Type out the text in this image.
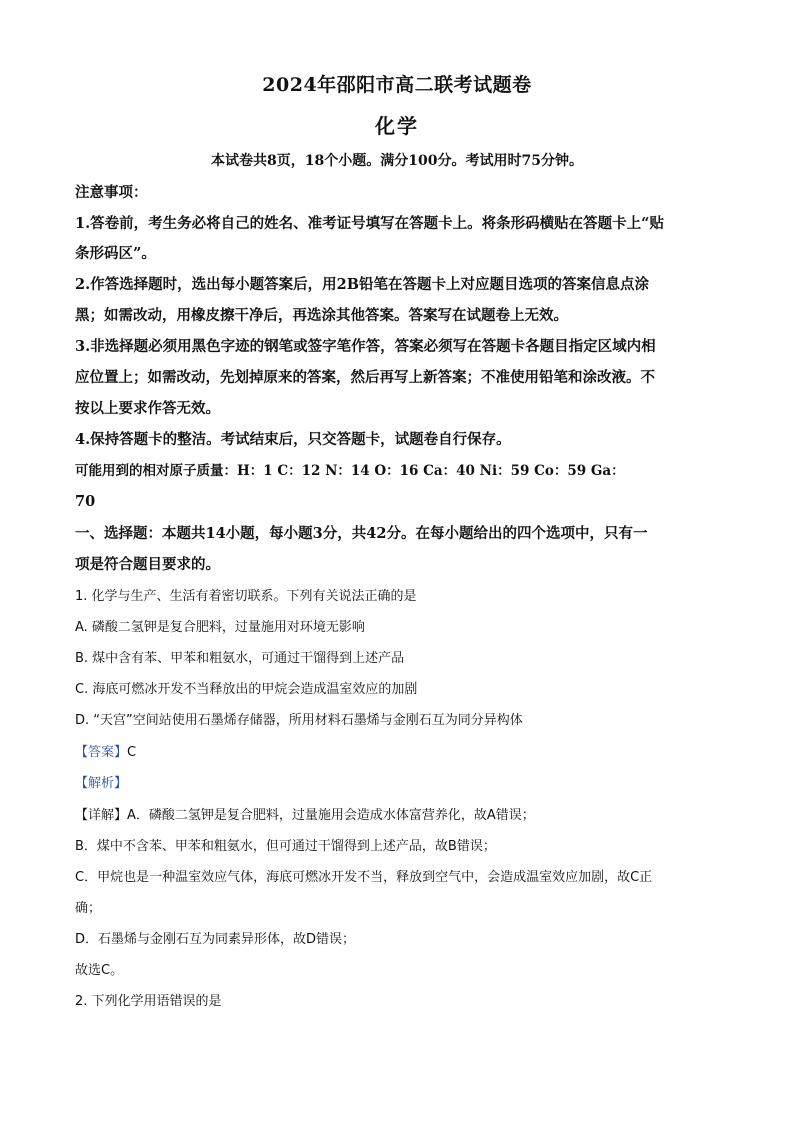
2024年邵阳市高二联考试题卷
化学
本试卷共8页，18个小题。满分100分。考试用时75分钟。
注意事项：
1.答卷前，考生务必将自己的姓名、准考证号填写在答题卡上。将条形码横贴在答题卡上“贴
条形码区”。
2.作答选择题时，选出每小题答案后，用2B铅笔在答题卡上对应题目选项的答案信息点涂
黑；如需改动，用橡皮擦干净后，再选涂其他答案。答案写在试题卷上无效。
3.非选择题必须用黑色字迹的钢笔或签字笔作答，答案必须写在答题卡各题目指定区域内相
应位置上；如需改动，先划掉原来的答案，然后再写上新答案；不准使用铅笔和涂改液。不
按以上要求作答无效。
4.保持答题卡的整洁。考试结束后，只交答题卡，试题卷自行保存。
可能用到的相对原子质量：H：1 C：12 N：14 O：16 Ca：40 Ni：59 Co：59 Ga：
70
一、选择题：本题共14小题，每小题3分，共42分。在每小题给出的四个选项中，只有一
项是符合题目要求的。
1. 化学与生产、生活有着密切联系。下列有关说法正确的是
A. 磷酸二氢钾是复合肥料，过量施用对环境无影响
B. 煤中含有苯、甲苯和粗氨水，可通过干馏得到上述产品
C. 海底可燃冰开发不当释放出的甲烷会造成温室效应的加剧
D. “天宫”空间站使用石墨烯存储器，所用材料石墨烯与金刚石互为同分异构体
【答案】C
【解析】
【详解】A．磷酸二氢钾是复合肥料，过量施用会造成水体富营养化，故A错误；
B．煤中不含苯、甲苯和粗氨水，但可通过干馏得到上述产品，故B错误；
C．甲烷也是一种温室效应气体，海底可燃冰开发不当，释放到空气中，会造成温室效应加剧，故C正
确；
D．石墨烯与金刚石互为同素异形体，故D错误；
故选C。
2. 下列化学用语错误的是
